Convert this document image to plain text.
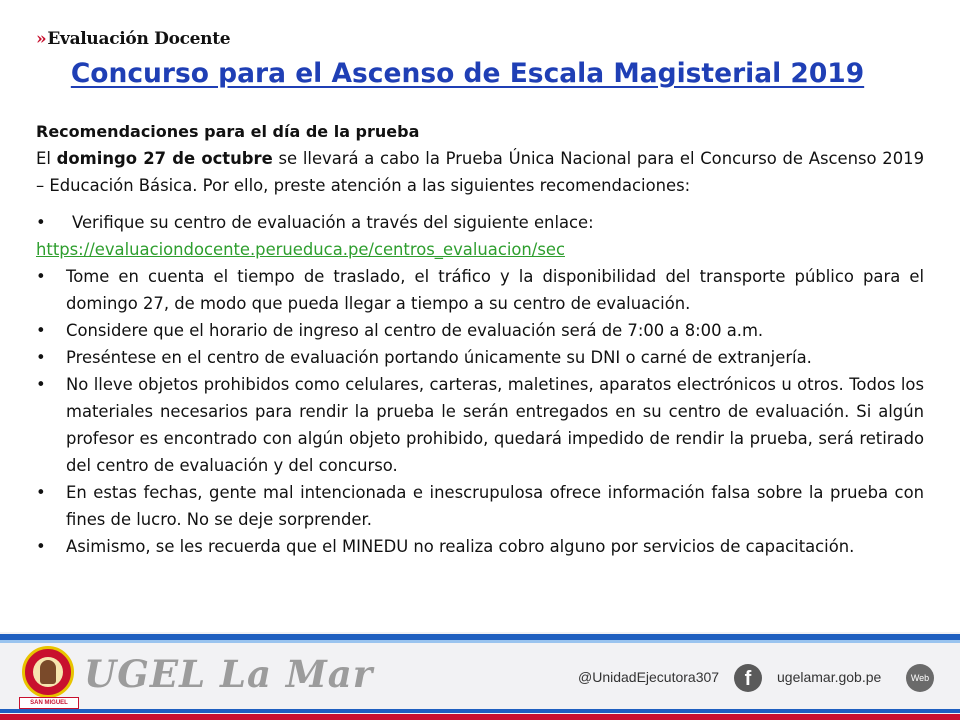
»Evaluación Docente
Concurso para el Ascenso de Escala Magisterial 2019
Recomendaciones para el día de la prueba

El domingo 27 de octubre se llevará a cabo la Prueba Única Nacional para el Concurso de Ascenso 2019 – Educación Básica. Por ello, preste atención a las siguientes recomendaciones:

• Verifique su centro de evaluación a través del siguiente enlace:
https://evaluaciondocente.perueduca.pe/centros_evaluacion/sec
•	Tome en cuenta el tiempo de traslado, el tráfico y la disponibilidad del transporte público para el domingo 27, de modo que pueda llegar a tiempo a su centro de evaluación.
•	Considere que el horario de ingreso al centro de evaluación será de 7:00 a 8:00 a.m.
•	Preséntese en el centro de evaluación portando únicamente su DNI o carné de extranjería.
•	No lleve objetos prohibidos como celulares, carteras, maletines, aparatos electrónicos u otros. Todos los materiales necesarios para rendir la prueba le serán entregados en su centro de evaluación. Si algún profesor es encontrado con algún objeto prohibido, quedará impedido de rendir la prueba, será retirado del centro de evaluación y del concurso.
•	En estas fechas, gente mal intencionada e inescrupulosa ofrece información falsa sobre la prueba con fines de lucro. No se deje sorprender.
•	Asimismo, se les recuerda que el MINEDU no realiza cobro alguno por servicios de capacitación.
SAN MIGUEL
UGEL La Mar	@UnidadEjecutora307	f	ugelamar.gob.pe	Web
